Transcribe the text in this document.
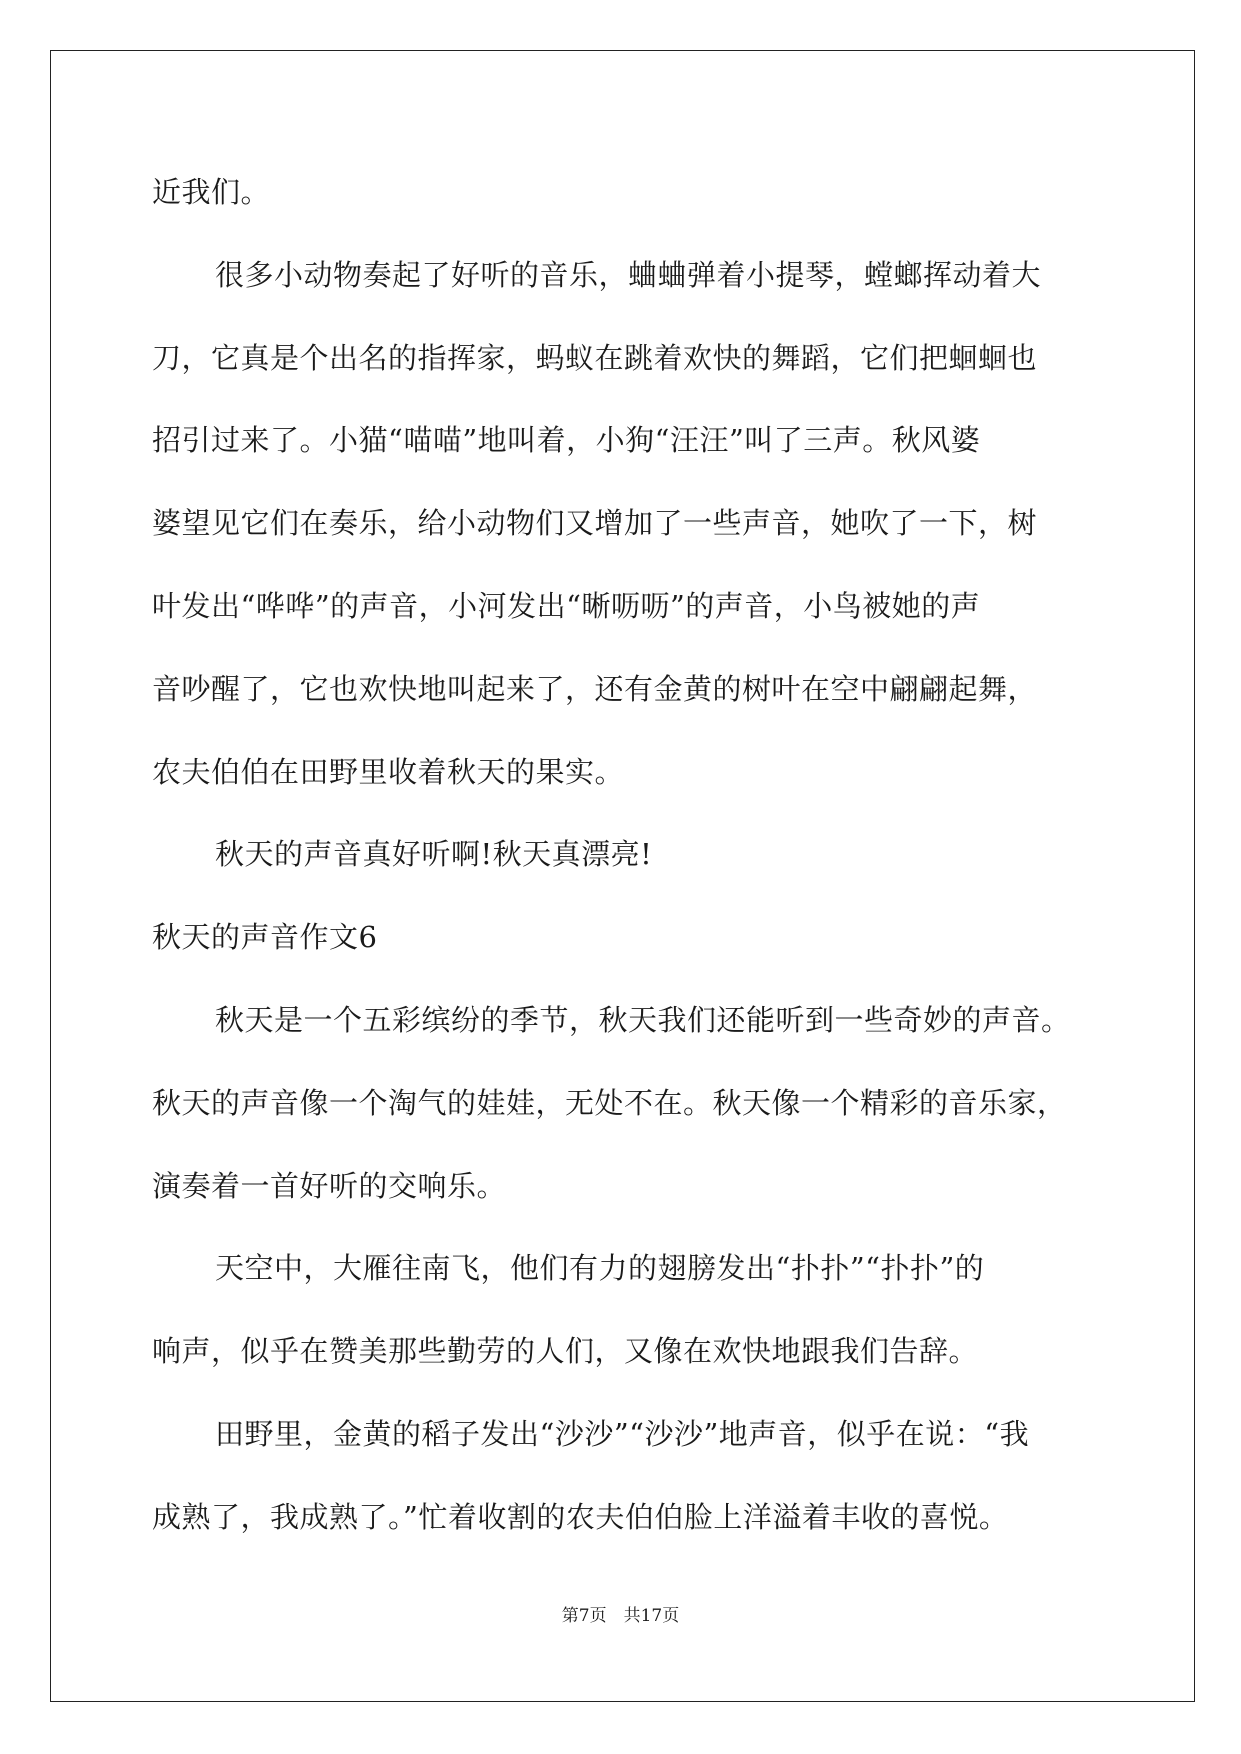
近我们。
很多小动物奏起了好听的音乐，蛐蛐弹着小提琴，螳螂挥动着大
刀，它真是个出名的指挥家，蚂蚁在跳着欢快的舞蹈，它们把蛔蛔也
招引过来了。小猫“喵喵”地叫着，小狗“汪汪”叫了三声。秋风婆
婆望见它们在奏乐，给小动物们又增加了一些声音，她吹了一下，树
叶发出“哗哗”的声音，小河发出“晰呖呖”的声音，小鸟被她的声
音吵醒了，它也欢快地叫起来了，还有金黄的树叶在空中翩翩起舞，
农夫伯伯在田野里收着秋天的果实。
秋天的声音真好听啊!秋天真漂亮!
秋天的声音作文6
秋天是一个五彩缤纷的季节，秋天我们还能听到一些奇妙的声音。
秋天的声音像一个淘气的娃娃，无处不在。秋天像一个精彩的音乐家，
演奏着一首好听的交响乐。
天空中，大雁往南飞，他们有力的翅膀发出“扑扑”“扑扑”的
响声，似乎在赞美那些勤劳的人们，又像在欢快地跟我们告辞。
田野里，金黄的稻子发出“沙沙”“沙沙”地声音，似乎在说：“我
成熟了，我成熟了。”忙着收割的农夫伯伯脸上洋溢着丰收的喜悦。
第7页　共17页
